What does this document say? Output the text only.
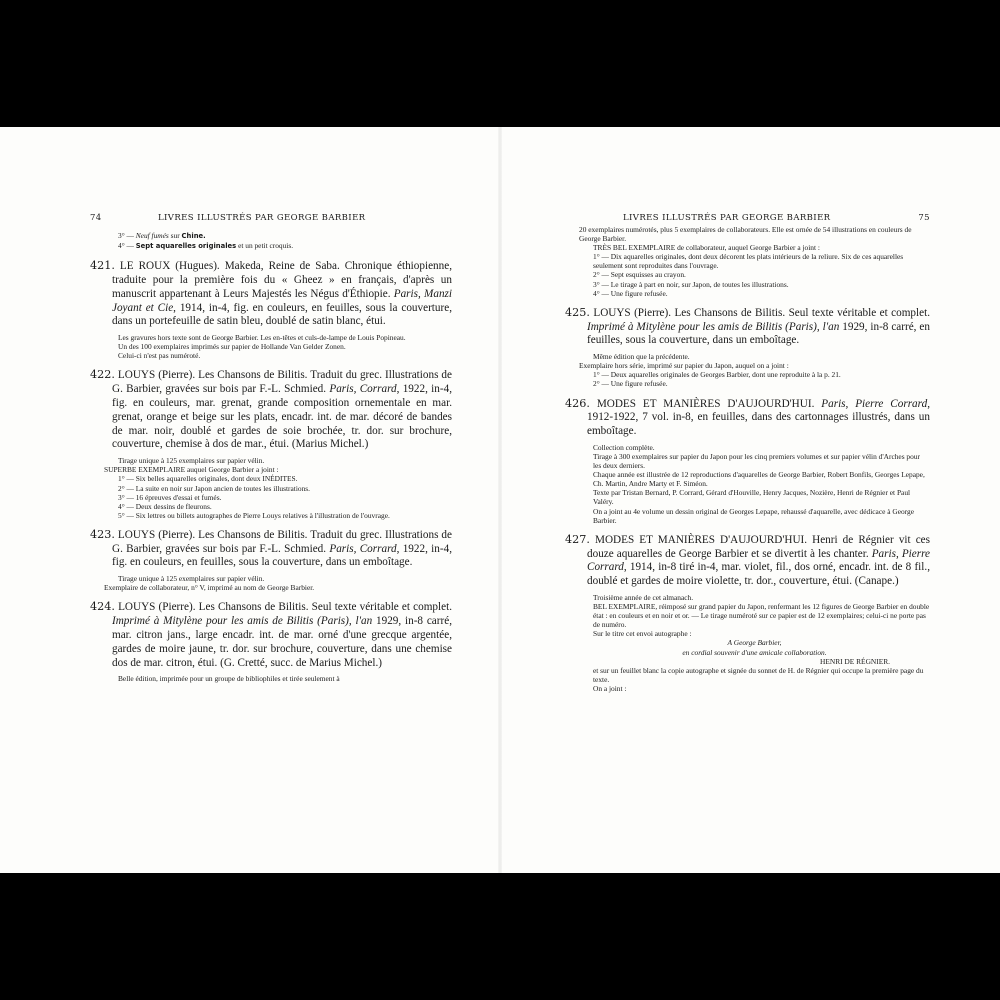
74	LIVRES ILLUSTRÉS PAR GEORGE BARBIER
3° — Neuf fumés sur Chine.
4° — Sept aquarelles originales et un petit croquis.

421. LE ROUX (Hugues). Makeda, Reine de Saba. Chronique éthiopienne, traduite pour la première fois du « Gheez » en français, d'après un manuscrit appartenant à Leurs Majestés les Négus d'Éthiopie. Paris, Manzi Joyant et Cie, 1914, in-4, fig. en couleurs, en feuilles, sous la couverture, dans un portefeuille de satin bleu, doublé de satin blanc, étui.

Les gravures hors texte sont de George Barbier. Les en-têtes et culs-de-lampe de Louis Popineau.
Un des 100 exemplaires imprimés sur papier de Hollande Van Gelder Zonen.
Celui-ci n'est pas numéroté.

422. LOUYS (Pierre). Les Chansons de Bilitis. Traduit du grec. Illustrations de G. Barbier, gravées sur bois par F.-L. Schmied. Paris, Corrard, 1922, in-4, fig. en couleurs, mar. grenat, grande composition ornementale en mar. grenat, orange et beige sur les plats, encadr. int. de mar. décoré de bandes de mar. noir, doublé et gardes de soie brochée, tr. dor. sur brochure, couverture, chemise à dos de mar., étui. (Marius Michel.)

Tirage unique à 125 exemplaires sur papier vélin.
SUPERBE EXEMPLAIRE auquel George Barbier a joint :
1° — Six belles aquarelles originales, dont deux INÉDITES.
2° — La suite en noir sur Japon ancien de toutes les illustrations.
3° — 16 épreuves d'essai et fumés.
4° — Deux dessins de fleurons.
5° — Six lettres ou billets autographes de Pierre Louys relatives à l'illustration de l'ouvrage.

423. LOUYS (Pierre). Les Chansons de Bilitis. Traduit du grec. Illustrations de G. Barbier, gravées sur bois par F.-L. Schmied. Paris, Corrard, 1922, in-4, fig. en couleurs, en feuilles, sous la couverture, dans un emboîtage.

Tirage unique à 125 exemplaires sur papier vélin.
Exemplaire de collaborateur, n° V, imprimé au nom de George Barbier.

424. LOUYS (Pierre). Les Chansons de Bilitis. Seul texte véritable et complet. Imprimé à Mitylène pour les amis de Bilitis (Paris), l'an 1929, in-8 carré, mar. citron jans., large encadr. int. de mar. orné d'une grecque argentée, gardes de moire jaune, tr. dor. sur brochure, couverture, dans une chemise dos de mar. citron, étui. (G. Cretté, succ. de Marius Michel.)

Belle édition, imprimée pour un groupe de bibliophiles et tirée seulement à
LIVRES ILLUSTRÉS PAR GEORGE BARBIER	75
20 exemplaires numérotés, plus 5 exemplaires de collaborateurs. Elle est ornée de 54 illustrations en couleurs de George Barbier.
TRÈS BEL EXEMPLAIRE de collaborateur, auquel George Barbier a joint :
1° — Dix aquarelles originales, dont deux décorent les plats intérieurs de la reliure. Six de ces aquarelles seulement sont reproduites dans l'ouvrage.
2° — Sept esquisses au crayon.
3° — Le tirage à part en noir, sur Japon, de toutes les illustrations.
4° — Une figure refusée.

425. LOUYS (Pierre). Les Chansons de Bilitis. Seul texte véritable et complet. Imprimé à Mitylène pour les amis de Bilitis (Paris), l'an 1929, in-8 carré, en feuilles, sous la couverture, dans un emboîtage.

Même édition que la précédente.
Exemplaire hors série, imprimé sur papier du Japon, auquel on a joint :
1° — Deux aquarelles originales de Georges Barbier, dont une reproduite à la p. 21.
2° — Une figure refusée.

426. MODES ET MANIÈRES D'AUJOURD'HUI. Paris, Pierre Corrard, 1912-1922, 7 vol. in-8, en feuilles, dans des cartonnages illustrés, dans un emboîtage.

Collection complète.
Tirage à 300 exemplaires sur papier du Japon pour les cinq premiers volumes et sur papier vélin d'Arches pour les deux derniers.
Chaque année est illustrée de 12 reproductions d'aquarelles de George Barbier, Robert Bonfils, Georges Lepape, Ch. Martin, Andre Marty et F. Siméon.
Texte par Tristan Bernard, P. Corrard, Gérard d'Houville, Henry Jacques, Nozière, Henri de Régnier et Paul Valéry.
On a joint au 4e volume un dessin original de Georges Lepape, rehaussé d'aquarelle, avec dédicace à George Barbier.

427. MODES ET MANIÈRES D'AUJOURD'HUI. Henri de Régnier vit ces douze aquarelles de George Barbier et se divertit à les chanter. Paris, Pierre Corrard, 1914, in-8 tiré in-4, mar. violet, fil., dos orné, encadr. int. de 8 fil., doublé et gardes de moire violette, tr. dor., couverture, étui. (Canape.)

Troisième année de cet almanach.
BEL EXEMPLAIRE, réimposé sur grand papier du Japon, renfermant les 12 figures de George Barbier en double état : en couleurs et en noir et or. — Le tirage numéroté sur ce papier est de 12 exemplaires; celui-ci ne porte pas de numéro.
Sur le titre cet envoi autographe :
A George Barbier,
en cordial souvenir d'une amicale collaboration.
HENRI DE RÉGNIER.
et sur un feuillet blanc la copie autographe et signée du sonnet de H. de Régnier qui occupe la première page du texte.
On a joint :
